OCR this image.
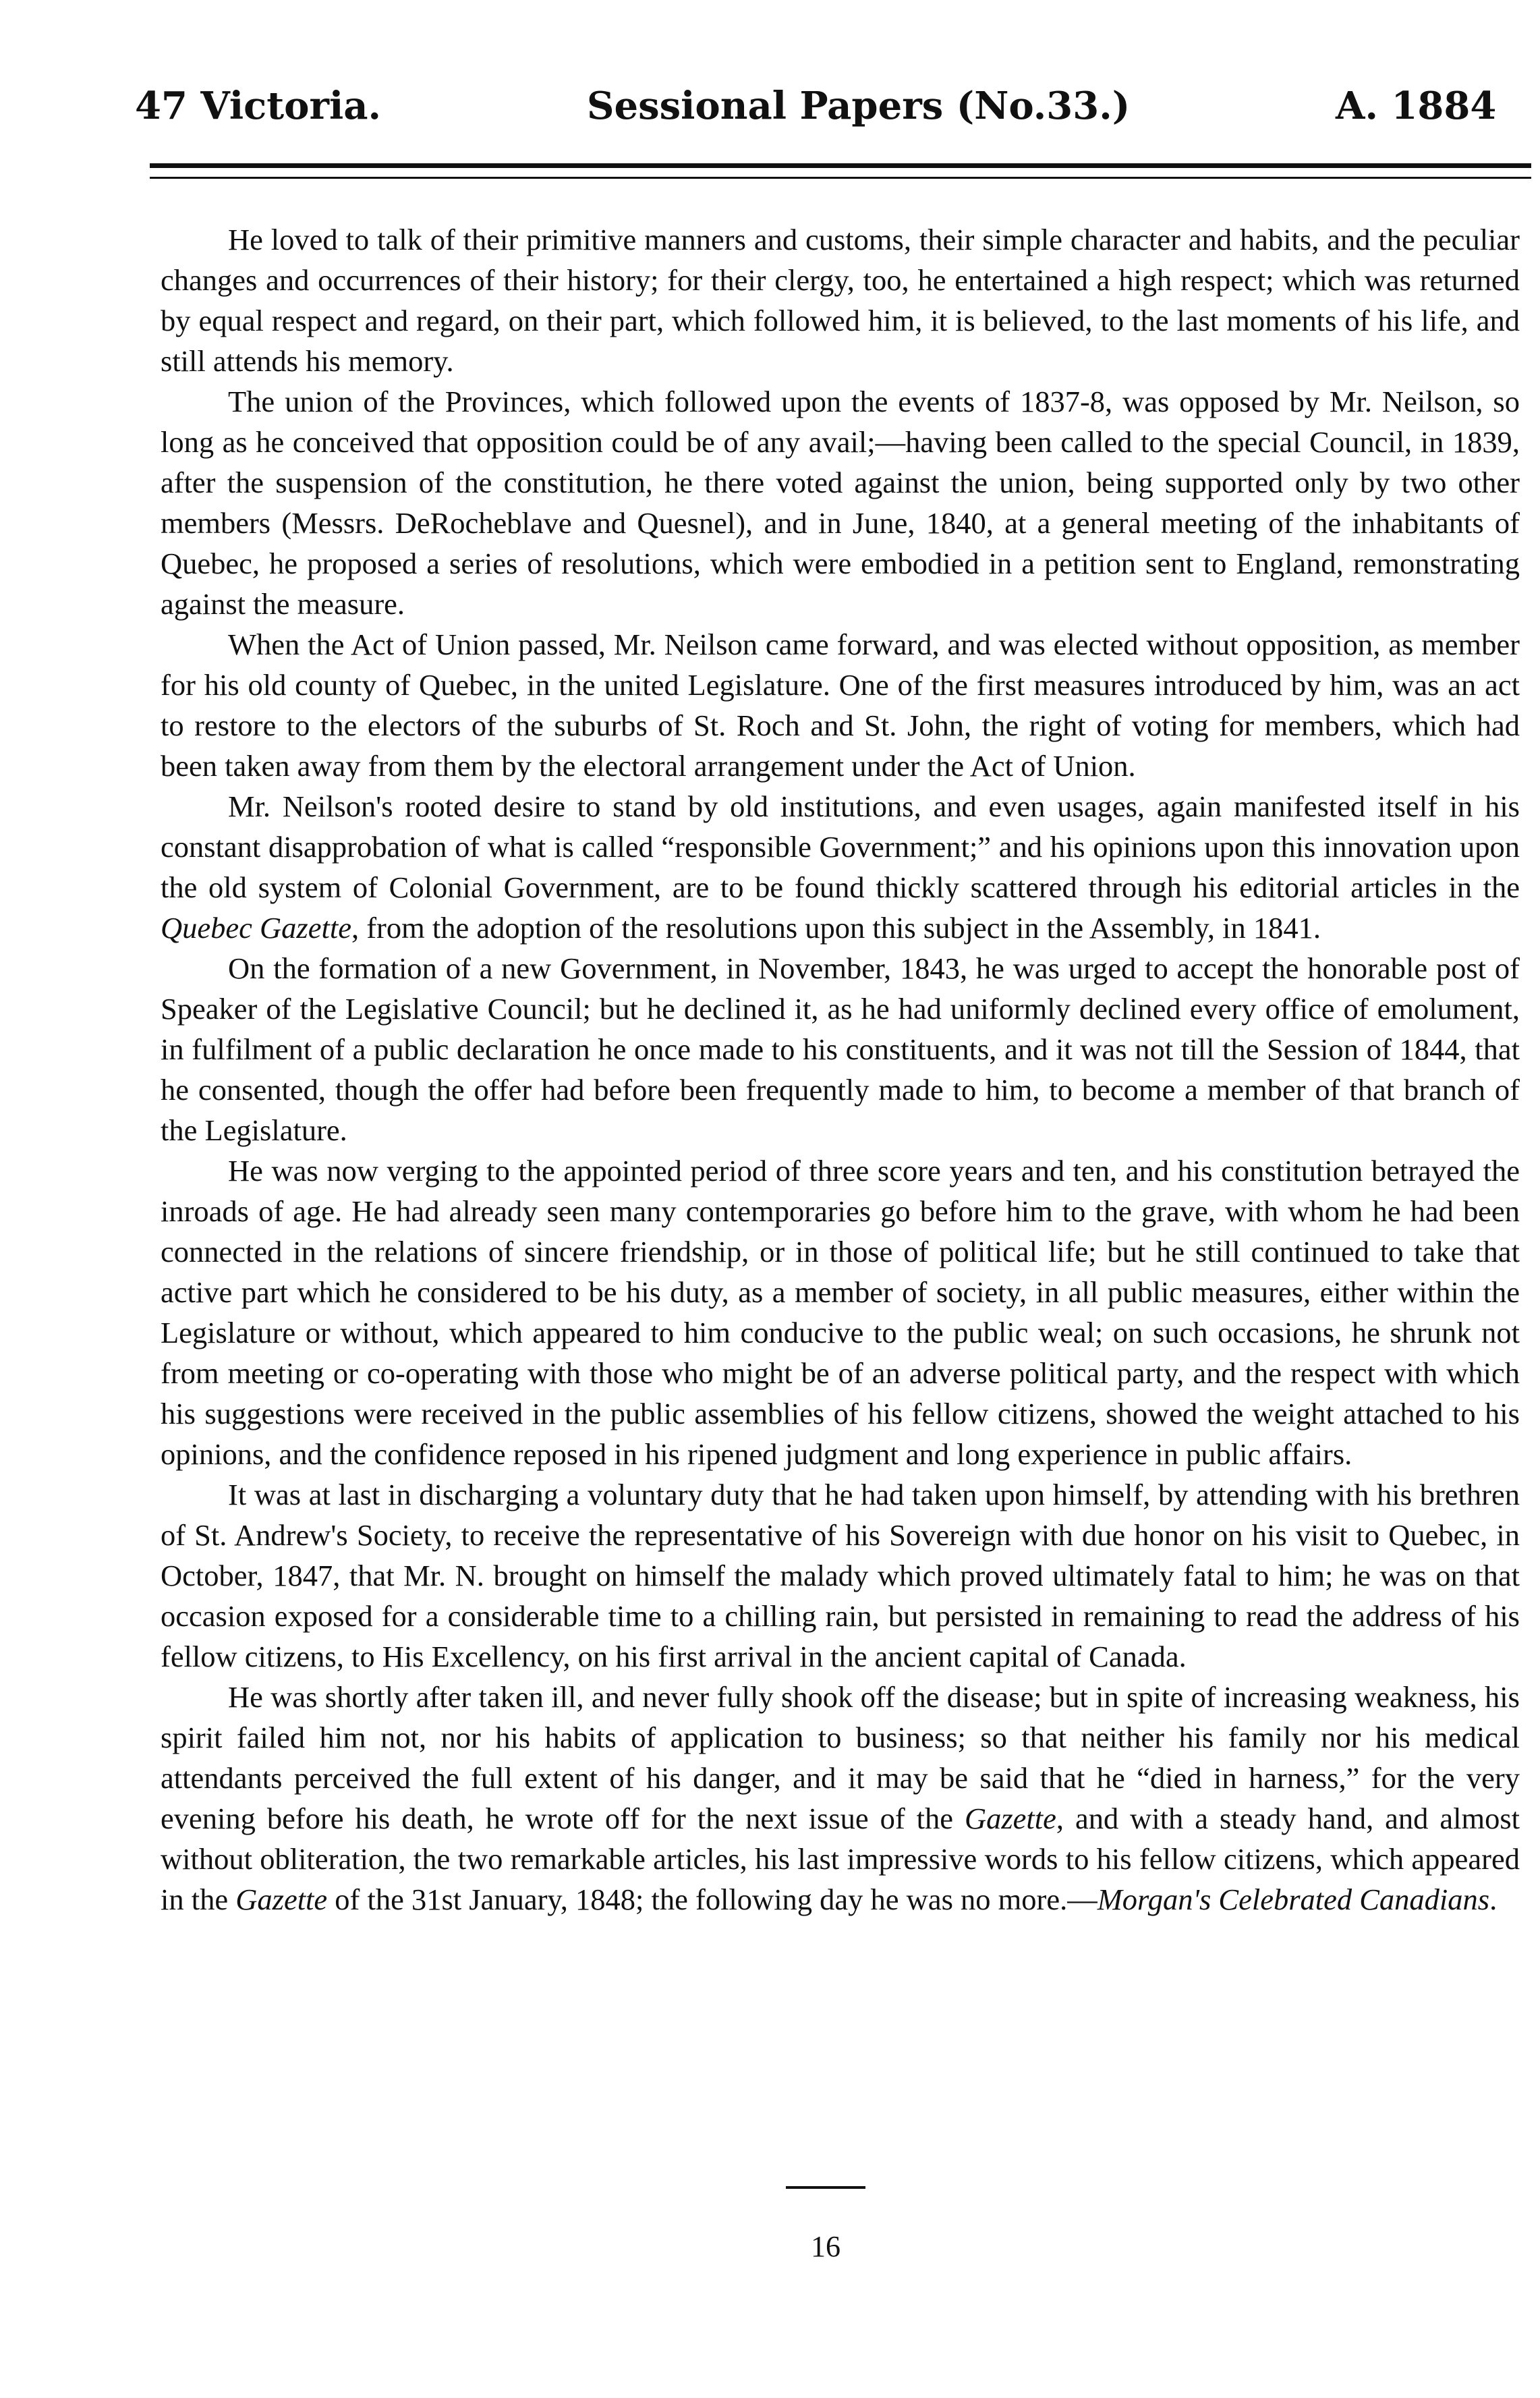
47 Victoria.	Sessional Papers (No.33.)	A. 1884

He loved to talk of their primitive manners and customs, their simple character and habits, and the peculiar changes and occurrences of their history; for their clergy, too, he entertained a high respect; which was returned by equal respect and regard, on their part, which followed him, it is believed, to the last moments of his life, and still attends his memory.

The union of the Provinces, which followed upon the events of 1837-8, was opposed by Mr. Neilson, so long as he conceived that opposition could be of any avail;—having been called to the special Council, in 1839, after the suspension of the constitution, he there voted against the union, being supported only by two other members (Messrs. DeRocheblave and Quesnel), and in June, 1840, at a general meeting of the inhabitants of Quebec, he proposed a series of resolutions, which were embodied in a petition sent to England, remonstrating against the measure.

When the Act of Union passed, Mr. Neilson came forward, and was elected without opposition, as member for his old county of Quebec, in the united Legislature. One of the first measures introduced by him, was an act to restore to the electors of the suburbs of St. Roch and St. John, the right of voting for members, which had been taken away from them by the electoral arrangement under the Act of Union.

Mr. Neilson's rooted desire to stand by old institutions, and even usages, again manifested itself in his constant disapprobation of what is called “responsible Government;” and his opinions upon this innovation upon the old system of Colonial Government, are to be found thickly scattered through his editorial articles in the Quebec Gazette, from the adoption of the resolutions upon this subject in the Assembly, in 1841.

On the formation of a new Government, in November, 1843, he was urged to accept the honorable post of Speaker of the Legislative Council; but he declined it, as he had uniformly declined every office of emolument, in fulfilment of a public declaration he once made to his constituents, and it was not till the Session of 1844, that he consented, though the offer had before been frequently made to him, to become a member of that branch of the Legislature.

He was now verging to the appointed period of three score years and ten, and his constitution betrayed the inroads of age. He had already seen many contemporaries go before him to the grave, with whom he had been connected in the relations of sincere friendship, or in those of political life; but he still continued to take that active part which he considered to be his duty, as a member of society, in all public measures, either within the Legislature or without, which appeared to him conducive to the public weal; on such occasions, he shrunk not from meeting or co-operating with those who might be of an adverse political party, and the respect with which his suggestions were received in the public assemblies of his fellow citizens, showed the weight attached to his opinions, and the confidence reposed in his ripened judgment and long experience in public affairs.

It was at last in discharging a voluntary duty that he had taken upon himself, by attending with his brethren of St. Andrew's Society, to receive the representative of his Sovereign with due honor on his visit to Quebec, in October, 1847, that Mr. N. brought on himself the malady which proved ultimately fatal to him; he was on that occasion exposed for a considerable time to a chilling rain, but persisted in remaining to read the address of his fellow citizens, to His Excellency, on his first arrival in the ancient capital of Canada.

He was shortly after taken ill, and never fully shook off the disease; but in spite of increasing weakness, his spirit failed him not, nor his habits of application to business; so that neither his family nor his medical attendants perceived the full extent of his danger, and it may be said that he “died in harness,” for the very evening before his death, he wrote off for the next issue of the Gazette, and with a steady hand, and almost without obliteration, the two remarkable articles, his last impressive words to his fellow citizens, which appeared in the Gazette of the 31st January, 1848; the following day he was no more.—Morgan's Celebrated Canadians.

16
